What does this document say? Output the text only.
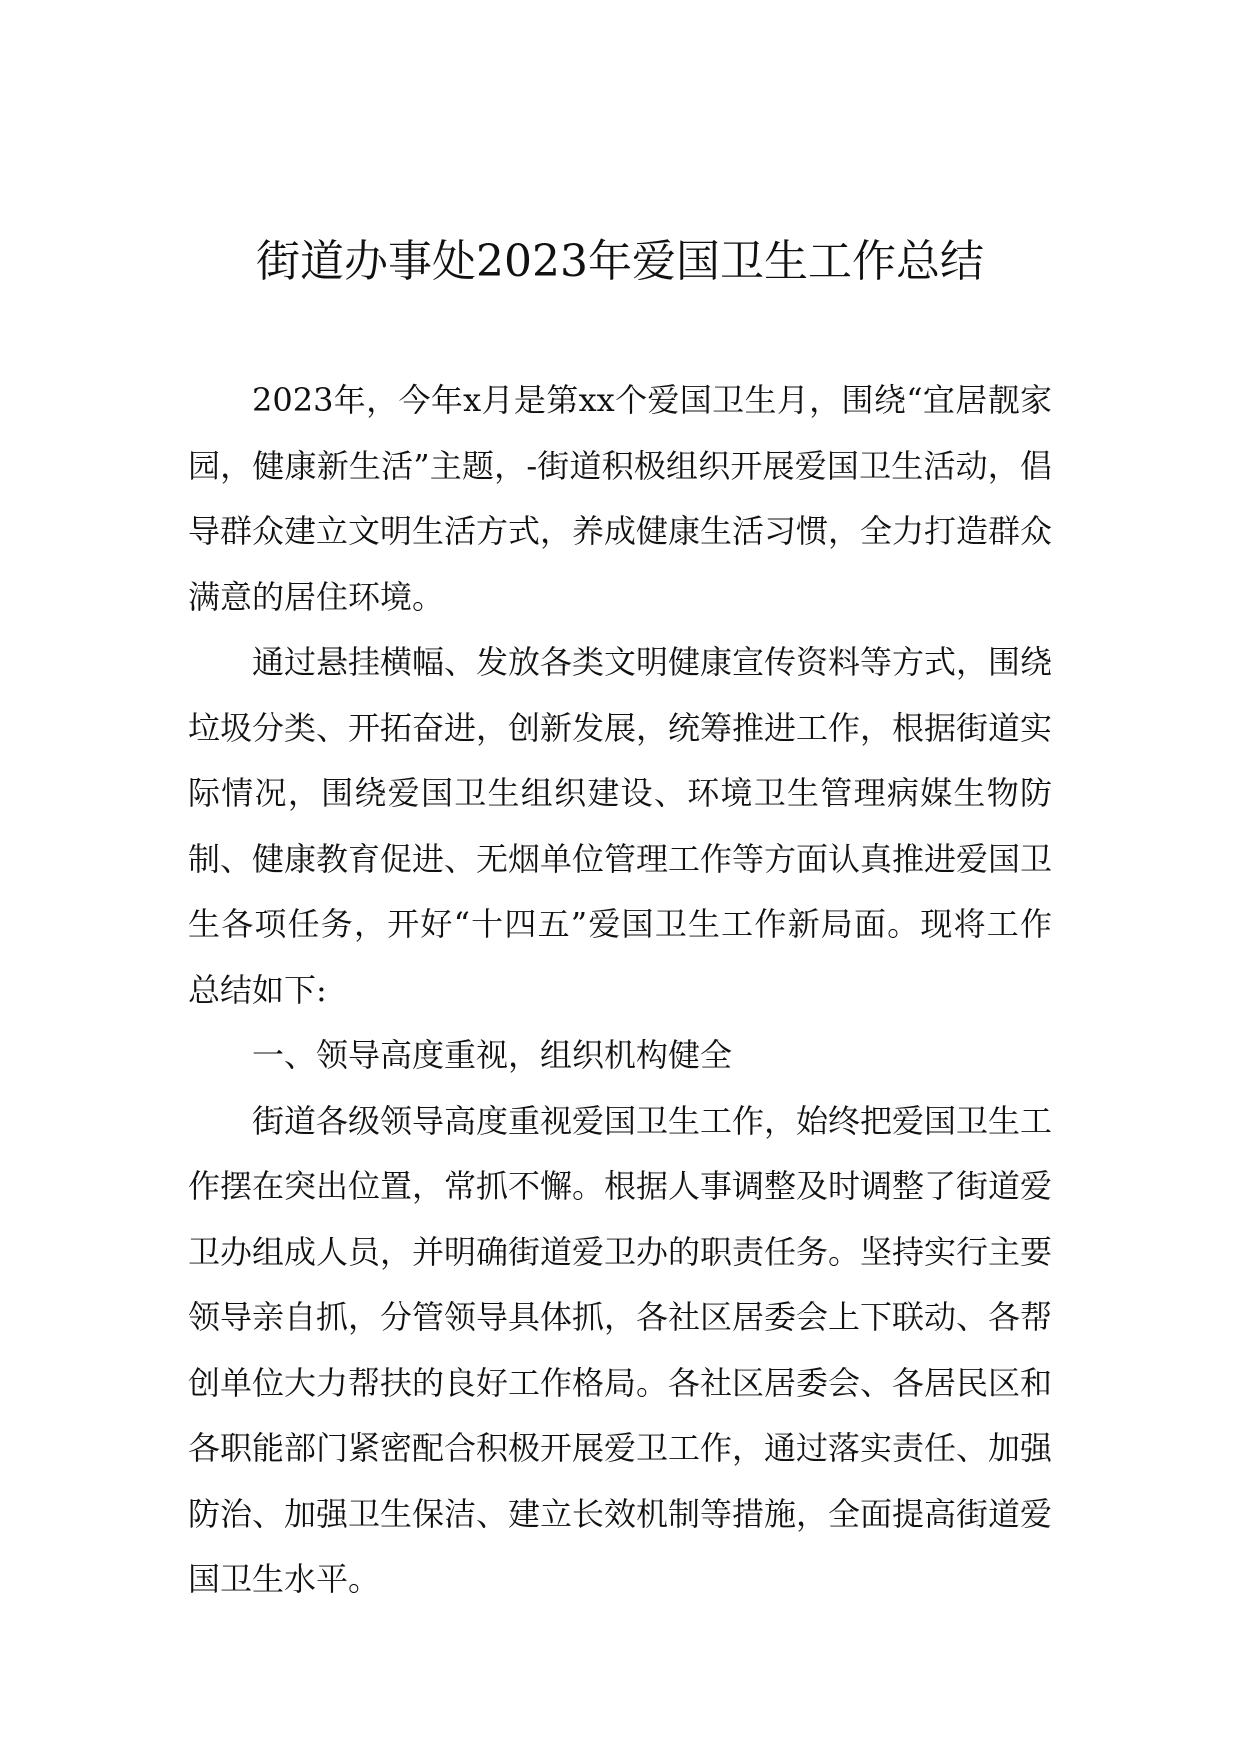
街道办事处2023年爱国卫生工作总结

2023年，今年x月是第xx个爱国卫生月，围绕“宜居靓家园，健康新生活”主题，-街道积极组织开展爱国卫生活动，倡导群众建立文明生活方式，养成健康生活习惯，全力打造群众满意的居住环境。

通过悬挂横幅、发放各类文明健康宣传资料等方式，围绕垃圾分类、开拓奋进，创新发展，统筹推进工作，根据街道实际情况，围绕爱国卫生组织建设、环境卫生管理病媒生物防制、健康教育促进、无烟单位管理工作等方面认真推进爱国卫生各项任务，开好“十四五”爱国卫生工作新局面。现将工作总结如下:

一、领导高度重视，组织机构健全

街道各级领导高度重视爱国卫生工作，始终把爱国卫生工作摆在突出位置，常抓不懈。根据人事调整及时调整了街道爱卫办组成人员，并明确街道爱卫办的职责任务。坚持实行主要领导亲自抓，分管领导具体抓，各社区居委会上下联动、各帮创单位大力帮扶的良好工作格局。各社区居委会、各居民区和各职能部门紧密配合积极开展爱卫工作，通过落实责任、加强防治、加强卫生保洁、建立长效机制等措施，全面提高街道爱国卫生水平。
